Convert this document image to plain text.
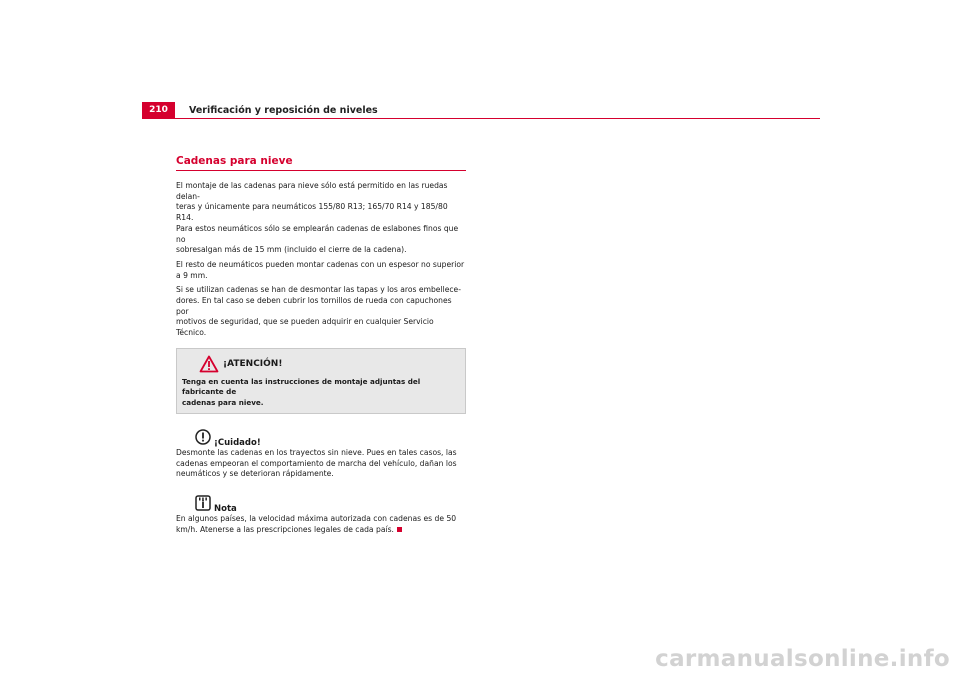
210	Verificación y reposición de niveles
Cadenas para nieve

El montaje de las cadenas para nieve sólo está permitido en las ruedas delan-
teras y únicamente para neumáticos 155/80 R13; 165/70 R14 y 185/80 R14.
Para estos neumáticos sólo se emplearán cadenas de eslabones finos que no
sobresalgan más de 15 mm (incluido el cierre de la cadena).

El resto de neumáticos pueden montar cadenas con un espesor no superior
a 9 mm.

Si se utilizan cadenas se han de desmontar las tapas y los aros embellece-
dores. En tal caso se deben cubrir los tornillos de rueda con capuchones por
motivos de seguridad, que se pueden adquirir en cualquier Servicio Técnico.

¡ATENCIÓN!

Tenga en cuenta las instrucciones de montaje adjuntas del fabricante de
cadenas para nieve.

¡Cuidado!

Desmonte las cadenas en los trayectos sin nieve. Pues en tales casos, las
cadenas empeoran el comportamiento de marcha del vehículo, dañan los
neumáticos y se deterioran rápidamente.

Nota

En algunos países, la velocidad máxima autorizada con cadenas es de 50
km/h. Atenerse a las prescripciones legales de cada país.

carmanualsonline.info
